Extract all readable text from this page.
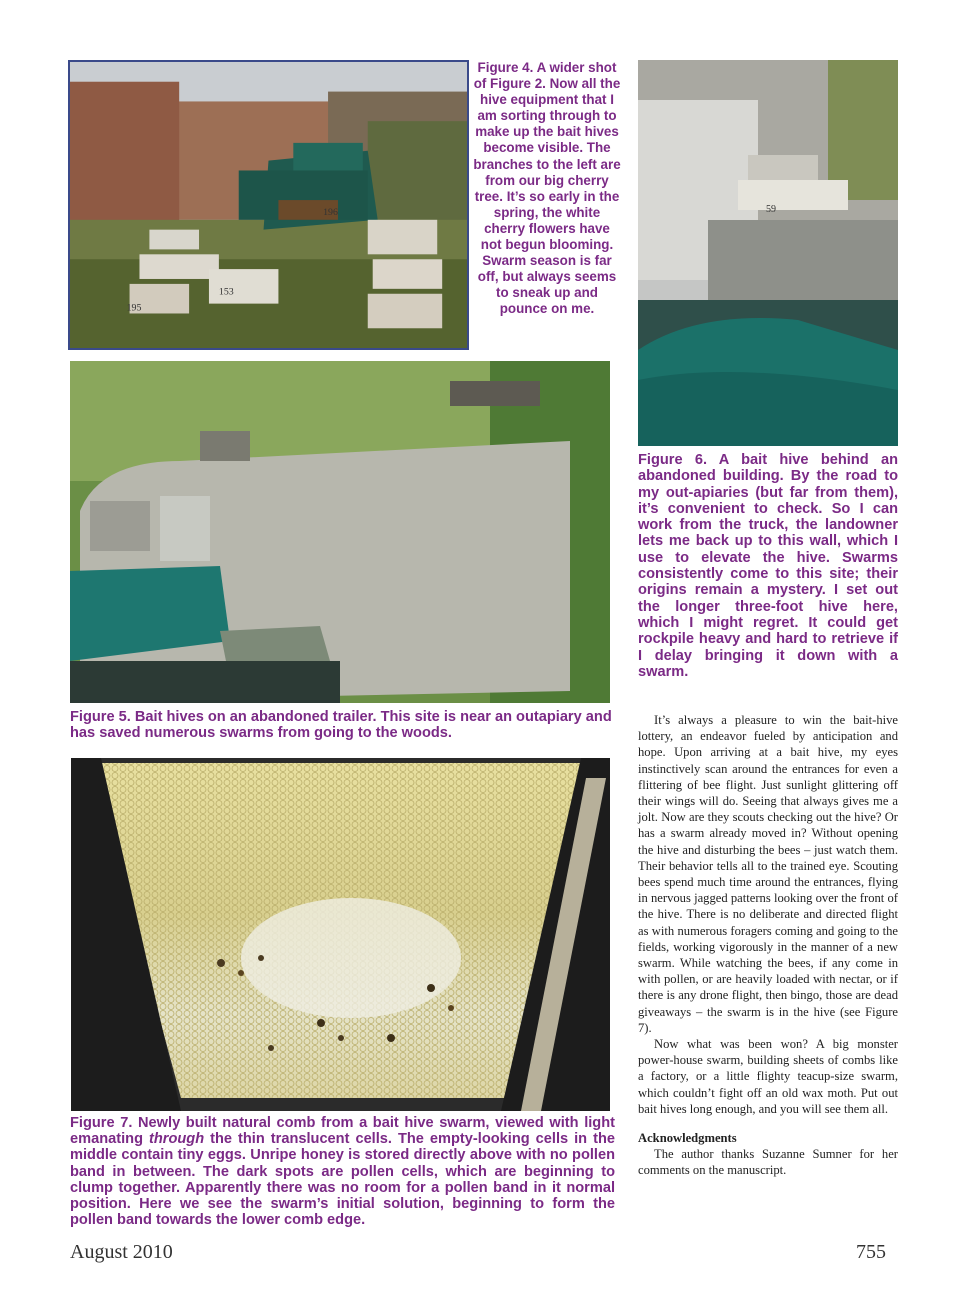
195
153
196
Figure 4. A wider shot of Figure 2. Now all the hive equipment that I am sorting through to make up the bait hives become visible. The branches to the left are from our big cherry tree. It’s so early in the spring, the white cherry flowers have not begun blooming. Swarm season is far off, but always seems to sneak up and pounce on me.
59
Figure 6. A bait hive behind an abandoned building. By the road to my out-apiaries (but far from them), it’s convenient to check. So I can work from the truck, the landowner lets me back up to this wall, which I use to elevate the hive. Swarms consistently come to this site; their origins remain a mystery. I set out the longer three-foot hive here, which I might regret. It could get rockpile heavy and hard to retrieve if I delay bringing it down with a swarm.
Figure 5. Bait hives on an abandoned trailer. This site is near an outapiary and has saved numerous swarms from going to the woods.
Figure 7. Newly built natural comb from a bait hive swarm, viewed with light emanating through the thin translucent cells. The empty-looking cells in the middle contain tiny eggs. Unripe honey is stored directly above with no pollen band in between. The dark spots are pollen cells, which are beginning to clump together. Apparently there was no room for a pollen band in it normal position. Here we see the swarm’s initial solution, beginning to form the pollen band towards the lower comb edge.

It’s always a pleasure to win the bait-hive lottery, an endeavor fueled by anticipation and hope. Upon arriving at a bait hive, my eyes instinctively scan around the entrances for even a flittering of bee flight. Just sunlight glittering off their wings will do. Seeing that always gives me a jolt. Now are they scouts checking out the hive? Or has a swarm already moved in? Without opening the hive and disturbing the bees – just watch them. Their behavior tells all to the trained eye. Scouting bees spend much time around the entrances, flying in nervous jagged patterns looking over the front of the hive. There is no deliberate and directed flight as with numerous foragers coming and going to the fields, working vigorously in the manner of a new swarm. While watching the bees, if any come in with pollen, or are heavily loaded with nectar, or if there is any drone flight, then bingo, those are dead giveaways – the swarm is in the hive (see Figure 7).

Now what was been won? A big monster power-house swarm, building sheets of combs like a factory, or a little flighty teacup-size swarm, which couldn’t fight off an old wax moth. Put out bait hives long enough, and you will see them all.

Acknowledgments

The author thanks Suzanne Sumner for her comments on the manuscript.

August 2010	755
